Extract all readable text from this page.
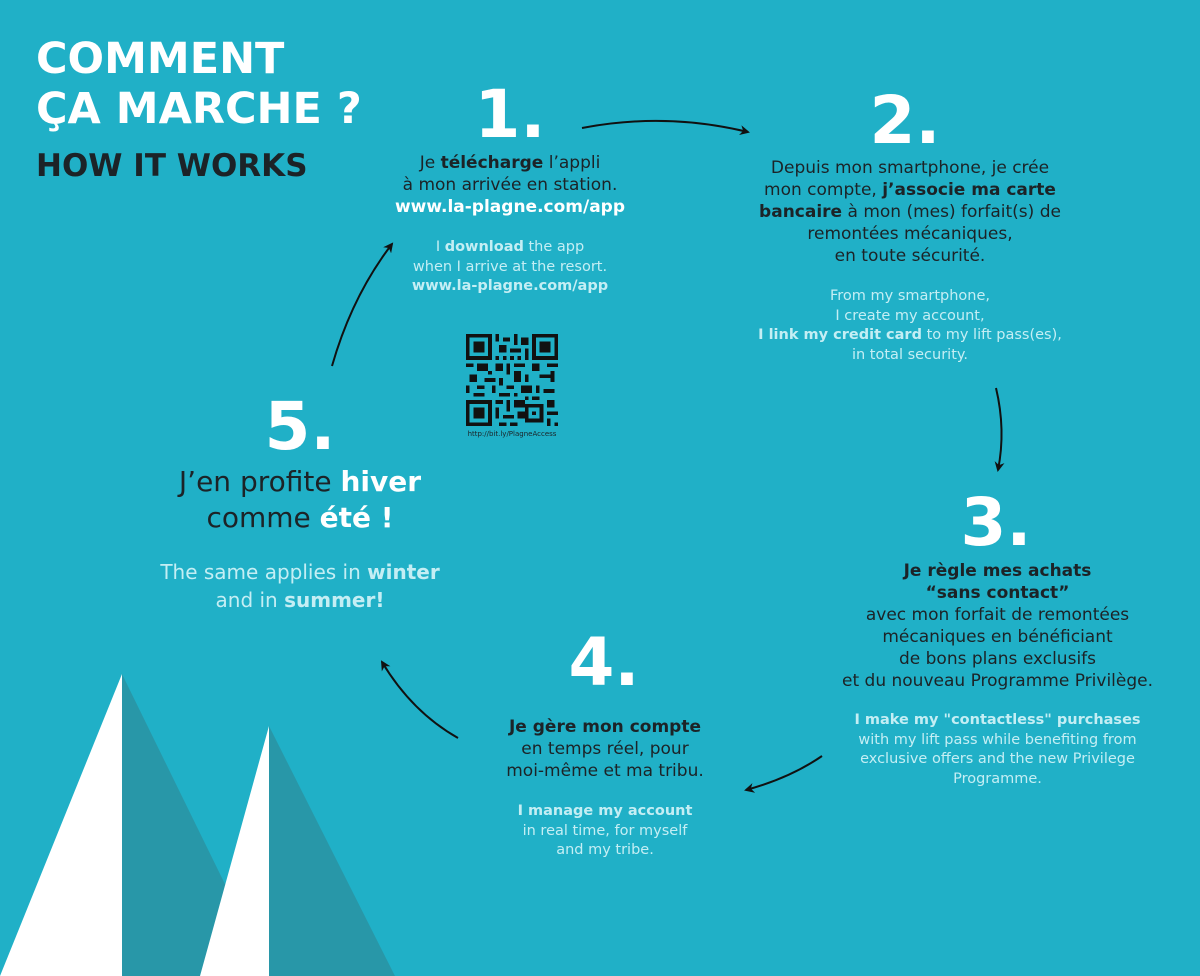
COMMENT
ÇA MARCHE ?
HOW IT WORKS
1.
Je télécharge l’appli
à mon arrivée en station.
www.la-plagne.com/app
I download the app
when I arrive at the resort.
www.la-plagne.com/app
http://bit.ly/PlagneAccess
2.
Depuis mon smartphone, je crée
mon compte, j’associe ma carte
bancaire à mon (mes) forfait(s) de
remontées mécaniques,
en toute sécurité.
From my smartphone,
I create my account,
I link my credit card to my lift pass(es),
in total security.
3.
Je règle mes achats
“sans contact”
avec mon forfait de remontées
mécaniques en bénéficiant
de bons plans exclusifs
et du nouveau Programme Privilège.
I make my "contactless" purchases
with my lift pass while benefiting from
exclusive offers and the new Privilege
Programme.
4.
Je gère mon compte
en temps réel, pour
moi-même et ma tribu.
I manage my account
in real time, for myself
and my tribe.
5.
J’en profite hiver
comme été !
The same applies in winter
and in summer!
